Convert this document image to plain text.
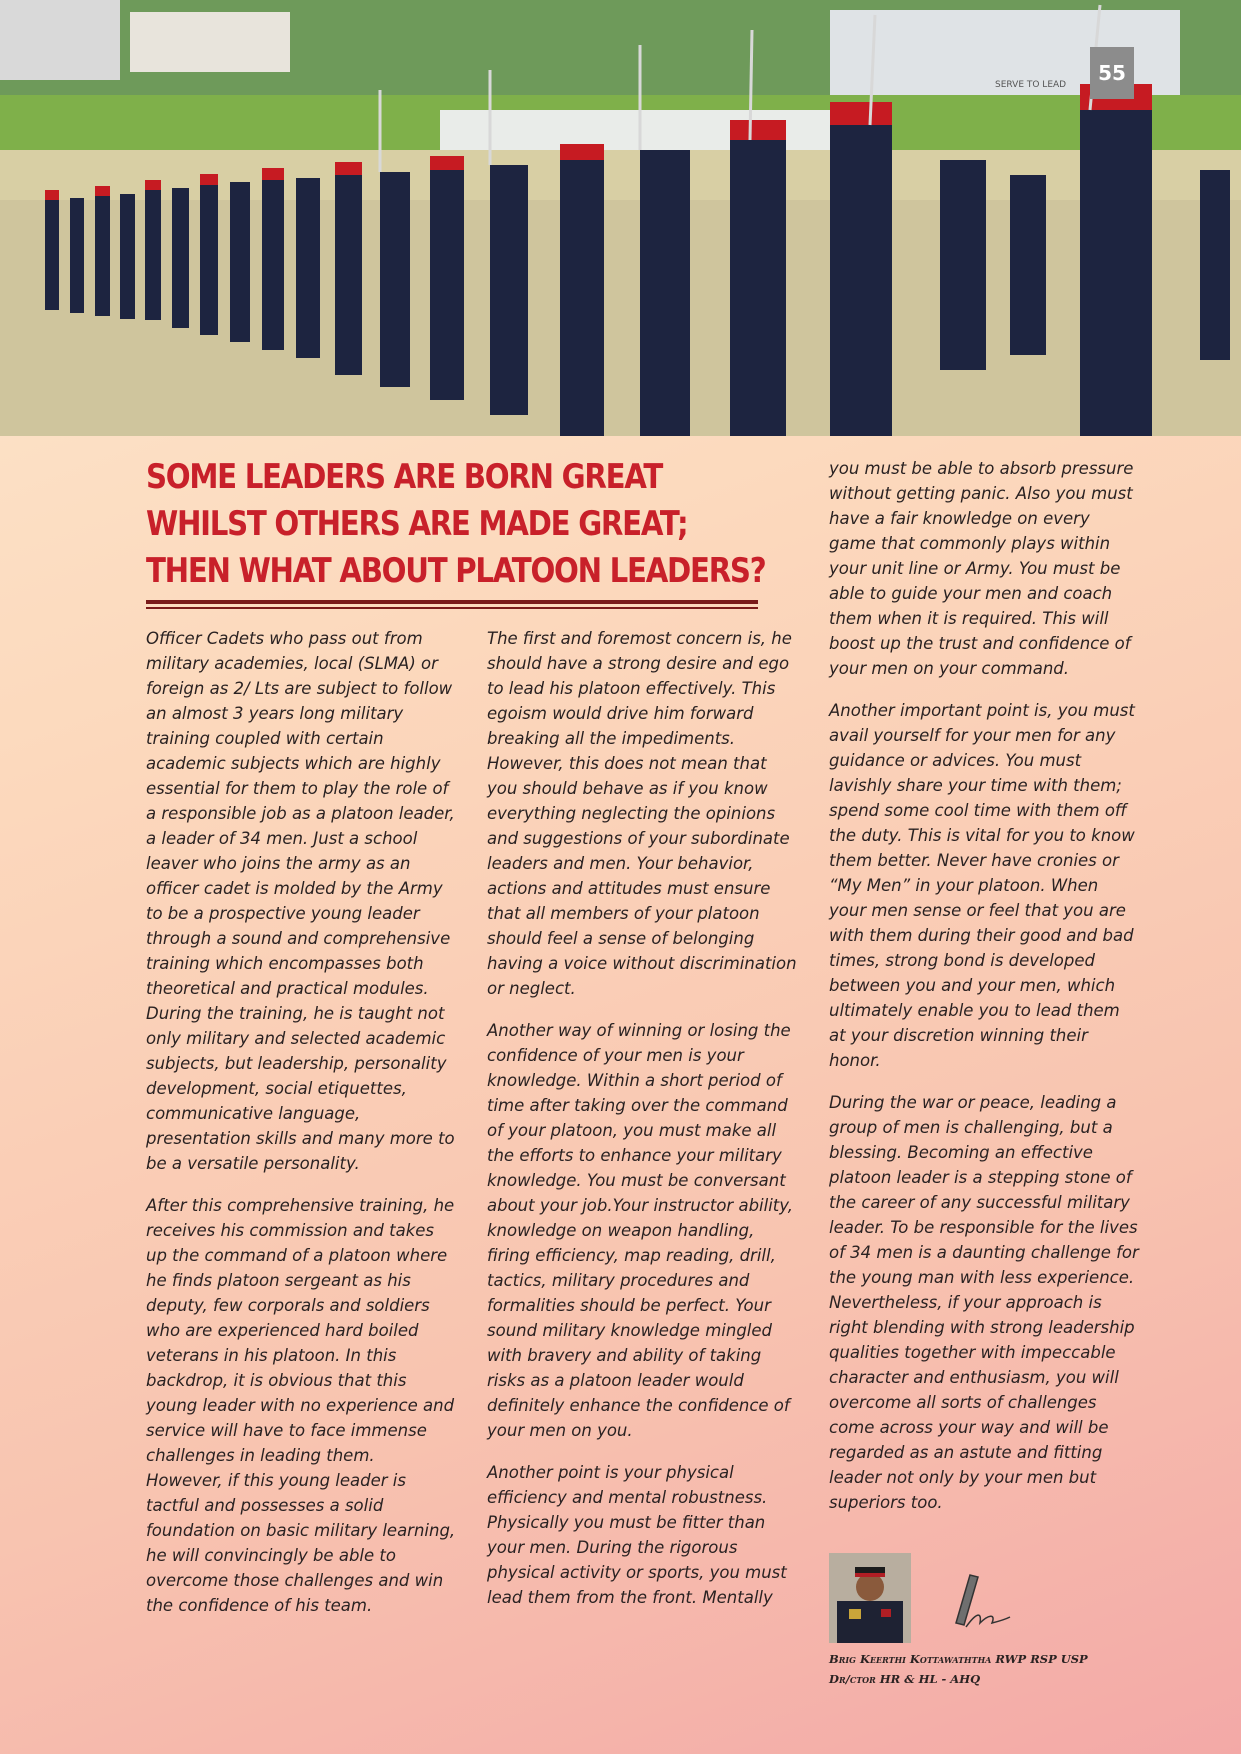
SERVE TO LEAD	55
SOME LEADERS ARE BORN GREAT
WHILST OTHERS ARE MADE GREAT;
THEN WHAT ABOUT PLATOON LEADERS?

Officer Cadets who pass out from military academies, local (SLMA) or foreign as 2/ Lts are subject to follow an almost 3 years long military training coupled with certain academic subjects which are highly essential for them to play the role of a responsible job as a platoon leader, a leader of 34 men. Just a school leaver who joins the army as an officer cadet is molded by the Army to be a prospective young leader through a sound and comprehensive training which encompasses both theoretical and practical modules. During the training, he is taught not only military and selected academic subjects, but leadership, personality development, social etiquettes, communicative language, presentation skills and many more to be a versatile personality.

After this comprehensive training, he receives his commission and takes up the command of a platoon where he finds platoon sergeant as his deputy, few corporals and soldiers who are experienced hard boiled veterans in his platoon. In this backdrop, it is obvious that this young leader with no experience and service will have to face immense challenges in leading them. However, if this young leader is tactful and possesses a solid foundation on basic military learning, he will convincingly be able to overcome those challenges and win the confidence of his team.

The first and foremost concern is, he should have a strong desire and ego to lead his platoon effectively. This egoism would drive him forward breaking all the impediments. However, this does not mean that you should behave as if you know everything neglecting the opinions and suggestions of your subordinate leaders and men. Your behavior, actions and attitudes must ensure that all members of your platoon should feel a sense of belonging having a voice without discrimination or neglect.

Another way of winning or losing the confidence of your men is your knowledge. Within a short period of time after taking over the command of your platoon, you must make all the efforts to enhance your military knowledge. You must be conversant about your job.Your instructor ability, knowledge on weapon handling, firing efficiency, map reading, drill, tactics, military procedures and formalities should be perfect. Your sound military knowledge mingled with bravery and ability of taking risks as a platoon leader would definitely enhance the confidence of your men on you.

Another point is your physical efficiency and mental robustness. Physically you must be fitter than your men. During the rigorous physical activity or sports, you must lead them from the front. Mentally

you must be able to absorb pressure without getting panic. Also you must have a fair knowledge on every game that commonly plays within your unit line or Army. You must be able to guide your men and coach them when it is required. This will boost up the trust and confidence of your men on your command.

Another important point is, you must avail yourself for your men for any guidance or advices. You must lavishly share your time with them; spend some cool time with them off the duty. This is vital for you to know them better. Never have cronies or “My Men” in your platoon. When your men sense or feel that you are with them during their good and bad times, strong bond is developed between you and your men, which ultimately enable you to lead them at your discretion winning their honor.

During the war or peace, leading a group of men is challenging, but a blessing. Becoming an effective platoon leader is a stepping stone of the career of any successful military leader. To be responsible for the lives of 34 men is a daunting challenge for the young man with less experience. Nevertheless, if your approach is right blending with strong leadership qualities together with impeccable character and enthusiasm, you will overcome all sorts of challenges come across your way and will be regarded as an astute and fitting leader not only by your men but superiors too.

Brig Keerthi Kottawaththa RWP RSP USP
Dr/ctor HR & HL - AHQ
